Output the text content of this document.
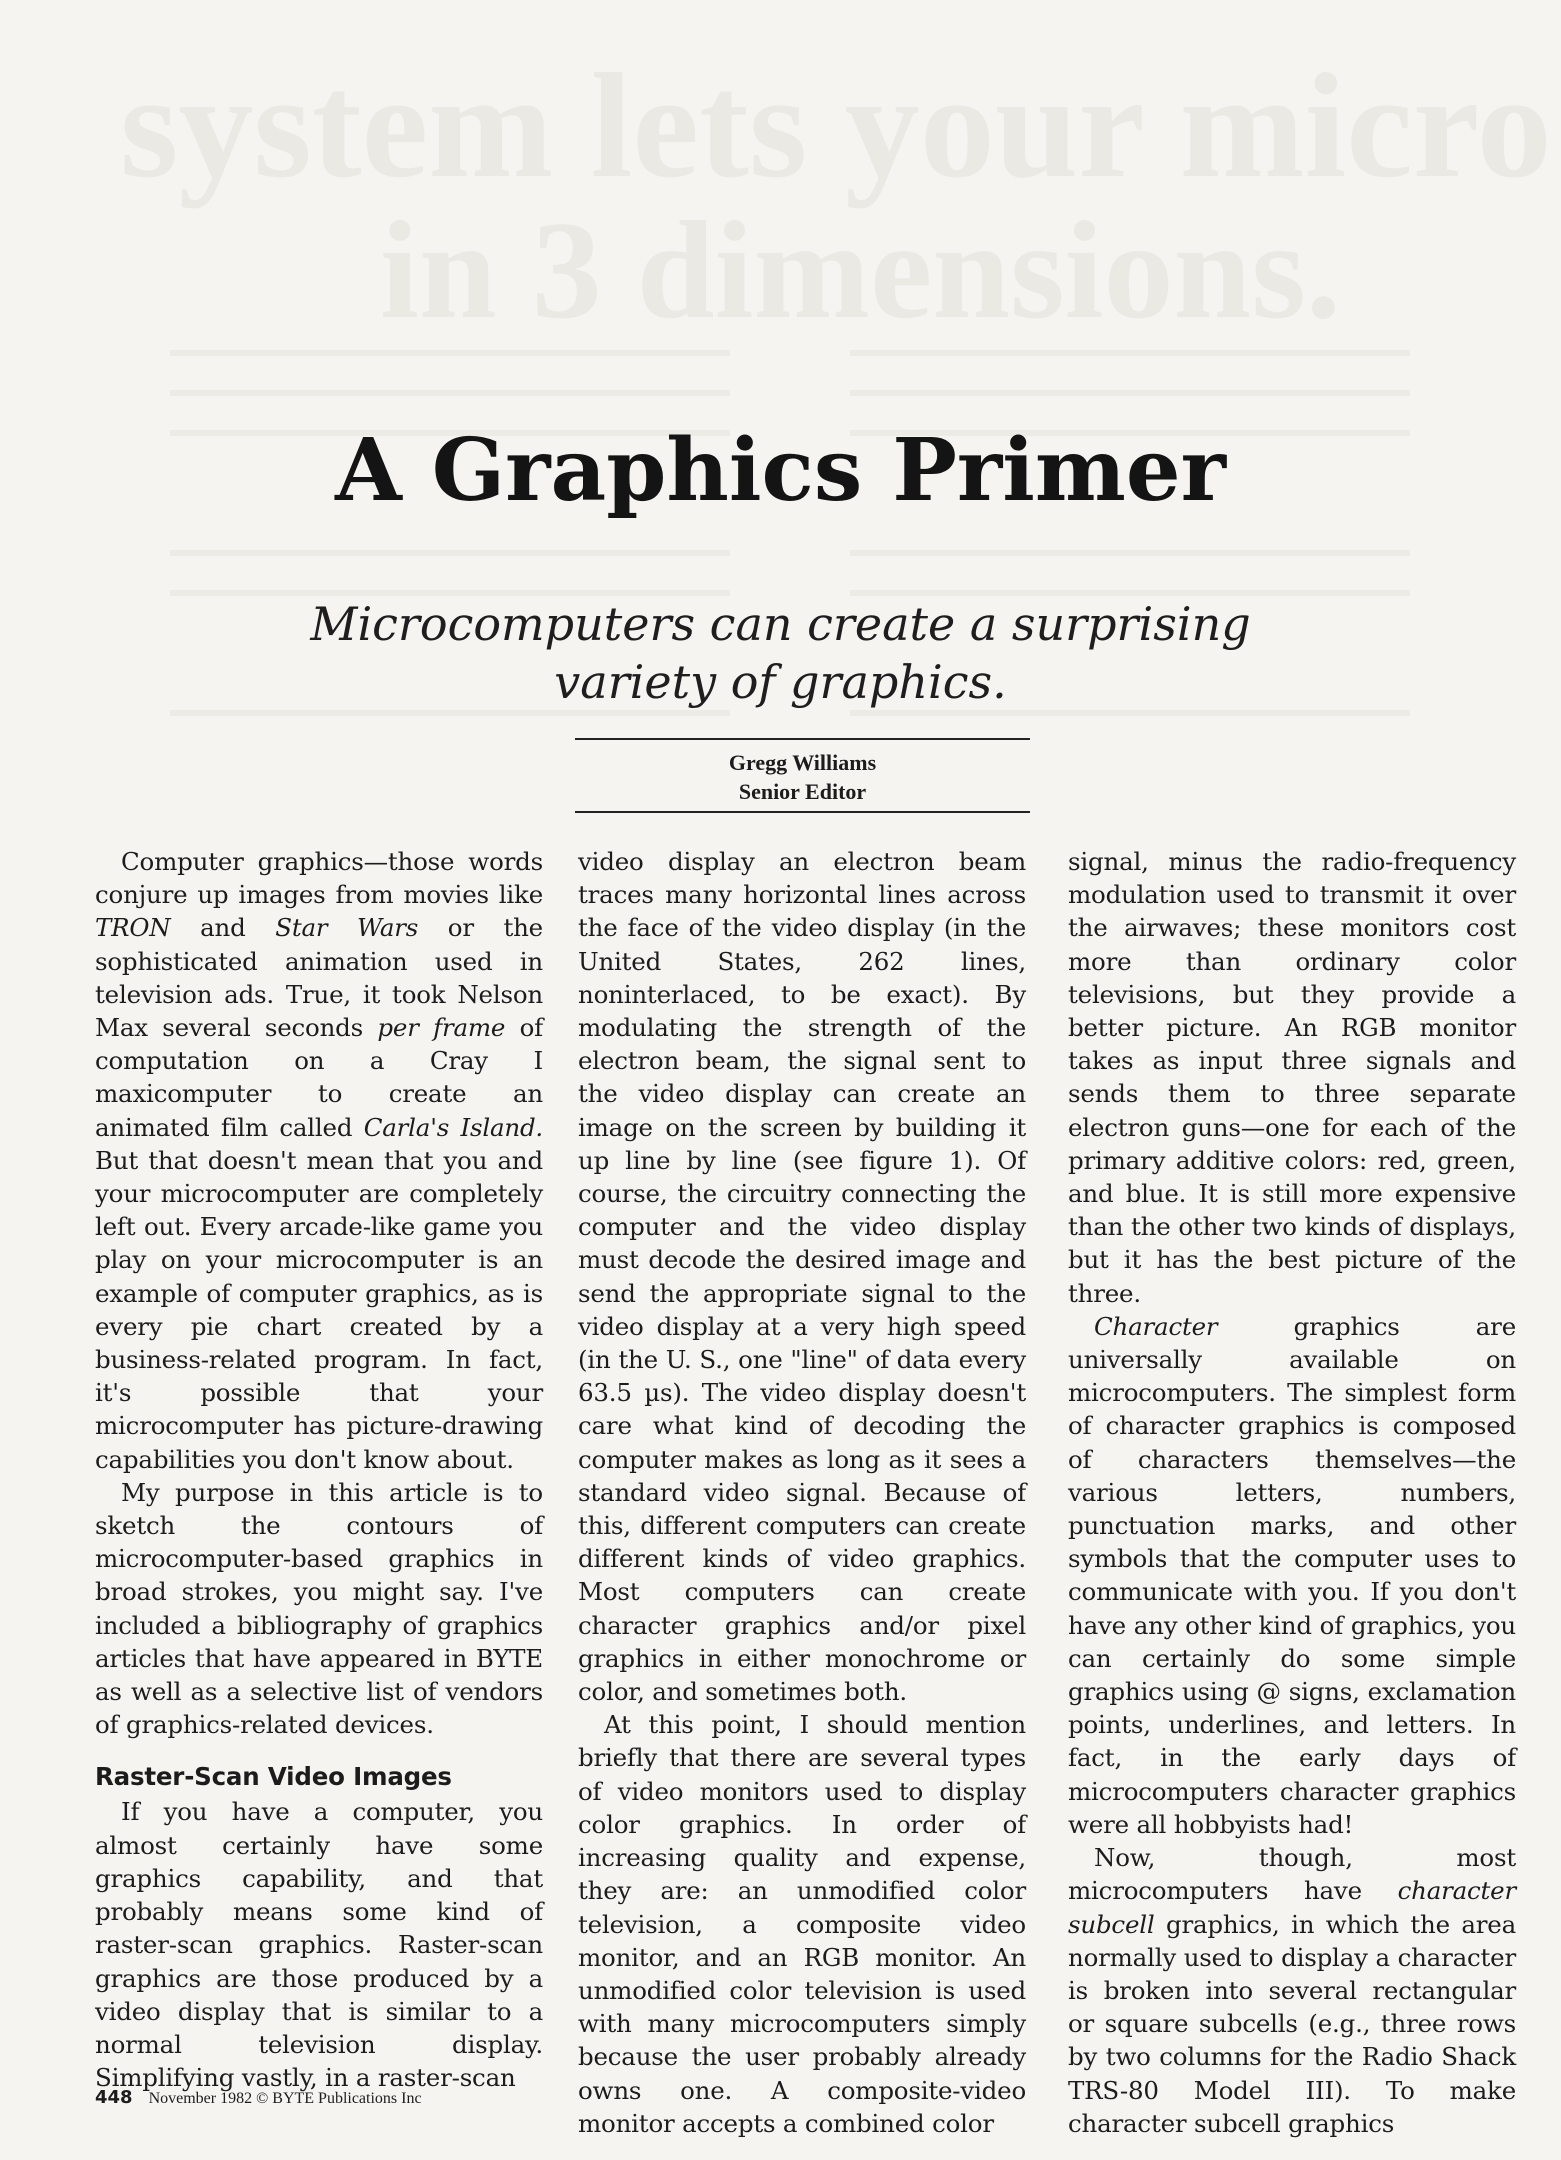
system lets your micro
in 3 dimensions.
A Graphics Primer
Microcomputers can create a surprising
variety of graphics.
Gregg Williams
Senior Editor

Computer graphics—those words conjure up images from movies like TRON and Star Wars or the sophisticated animation used in television ads. True, it took Nelson Max several seconds per frame of computation on a Cray I maxicomputer to create an animated film called Carla's Island. But that doesn't mean that you and your microcomputer are completely left out. Every arcade-like game you play on your microcomputer is an example of computer graphics, as is every pie chart created by a business-related program. In fact, it's possible that your microcomputer has picture-drawing capabilities you don't know about.

My purpose in this article is to sketch the contours of microcomputer-based graphics in broad strokes, you might say. I've included a bibliography of graphics articles that have appeared in BYTE as well as a selective list of vendors of graphics-related devices.

Raster-Scan Video Images

If you have a computer, you almost certainly have some graphics capability, and that probably means some kind of raster-scan graphics. Raster-scan graphics are those produced by a video display that is similar to a normal television display. Simplifying vastly, in a raster-scan

video display an electron beam traces many horizontal lines across the face of the video display (in the United States, 262 lines, noninterlaced, to be exact). By modulating the strength of the electron beam, the signal sent to the video display can create an image on the screen by building it up line by line (see figure 1). Of course, the circuitry connecting the computer and the video display must decode the desired image and send the appropriate signal to the video display at a very high speed (in the U. S., one "line" of data every 63.5 µs). The video display doesn't care what kind of decoding the computer makes as long as it sees a standard video signal. Because of this, different computers can create different kinds of video graphics. Most computers can create character graphics and/or pixel graphics in either monochrome or color, and sometimes both.

At this point, I should mention briefly that there are several types of video monitors used to display color graphics. In order of increasing quality and expense, they are: an unmodified color television, a composite video monitor, and an RGB monitor. An unmodified color television is used with many microcomputers simply because the user probably already owns one. A composite-video monitor accepts a combined color

signal, minus the radio-frequency modulation used to transmit it over the airwaves; these monitors cost more than ordinary color televisions, but they provide a better picture. An RGB monitor takes as input three signals and sends them to three separate electron guns—one for each of the primary additive colors: red, green, and blue. It is still more expensive than the other two kinds of displays, but it has the best picture of the three.

Character graphics are universally available on microcomputers. The simplest form of character graphics is composed of characters themselves—the various letters, numbers, punctuation marks, and other symbols that the computer uses to communicate with you. If you don't have any other kind of graphics, you can certainly do some simple graphics using @ signs, exclamation points, underlines, and letters. In fact, in the early days of microcomputers character graphics were all hobbyists had!

Now, though, most microcomputers have character subcell graphics, in which the area normally used to display a character is broken into several rectangular or square subcells (e.g., three rows by two columns for the Radio Shack TRS-80 Model III). To make character subcell graphics

448 November 1982 © BYTE Publications Inc
